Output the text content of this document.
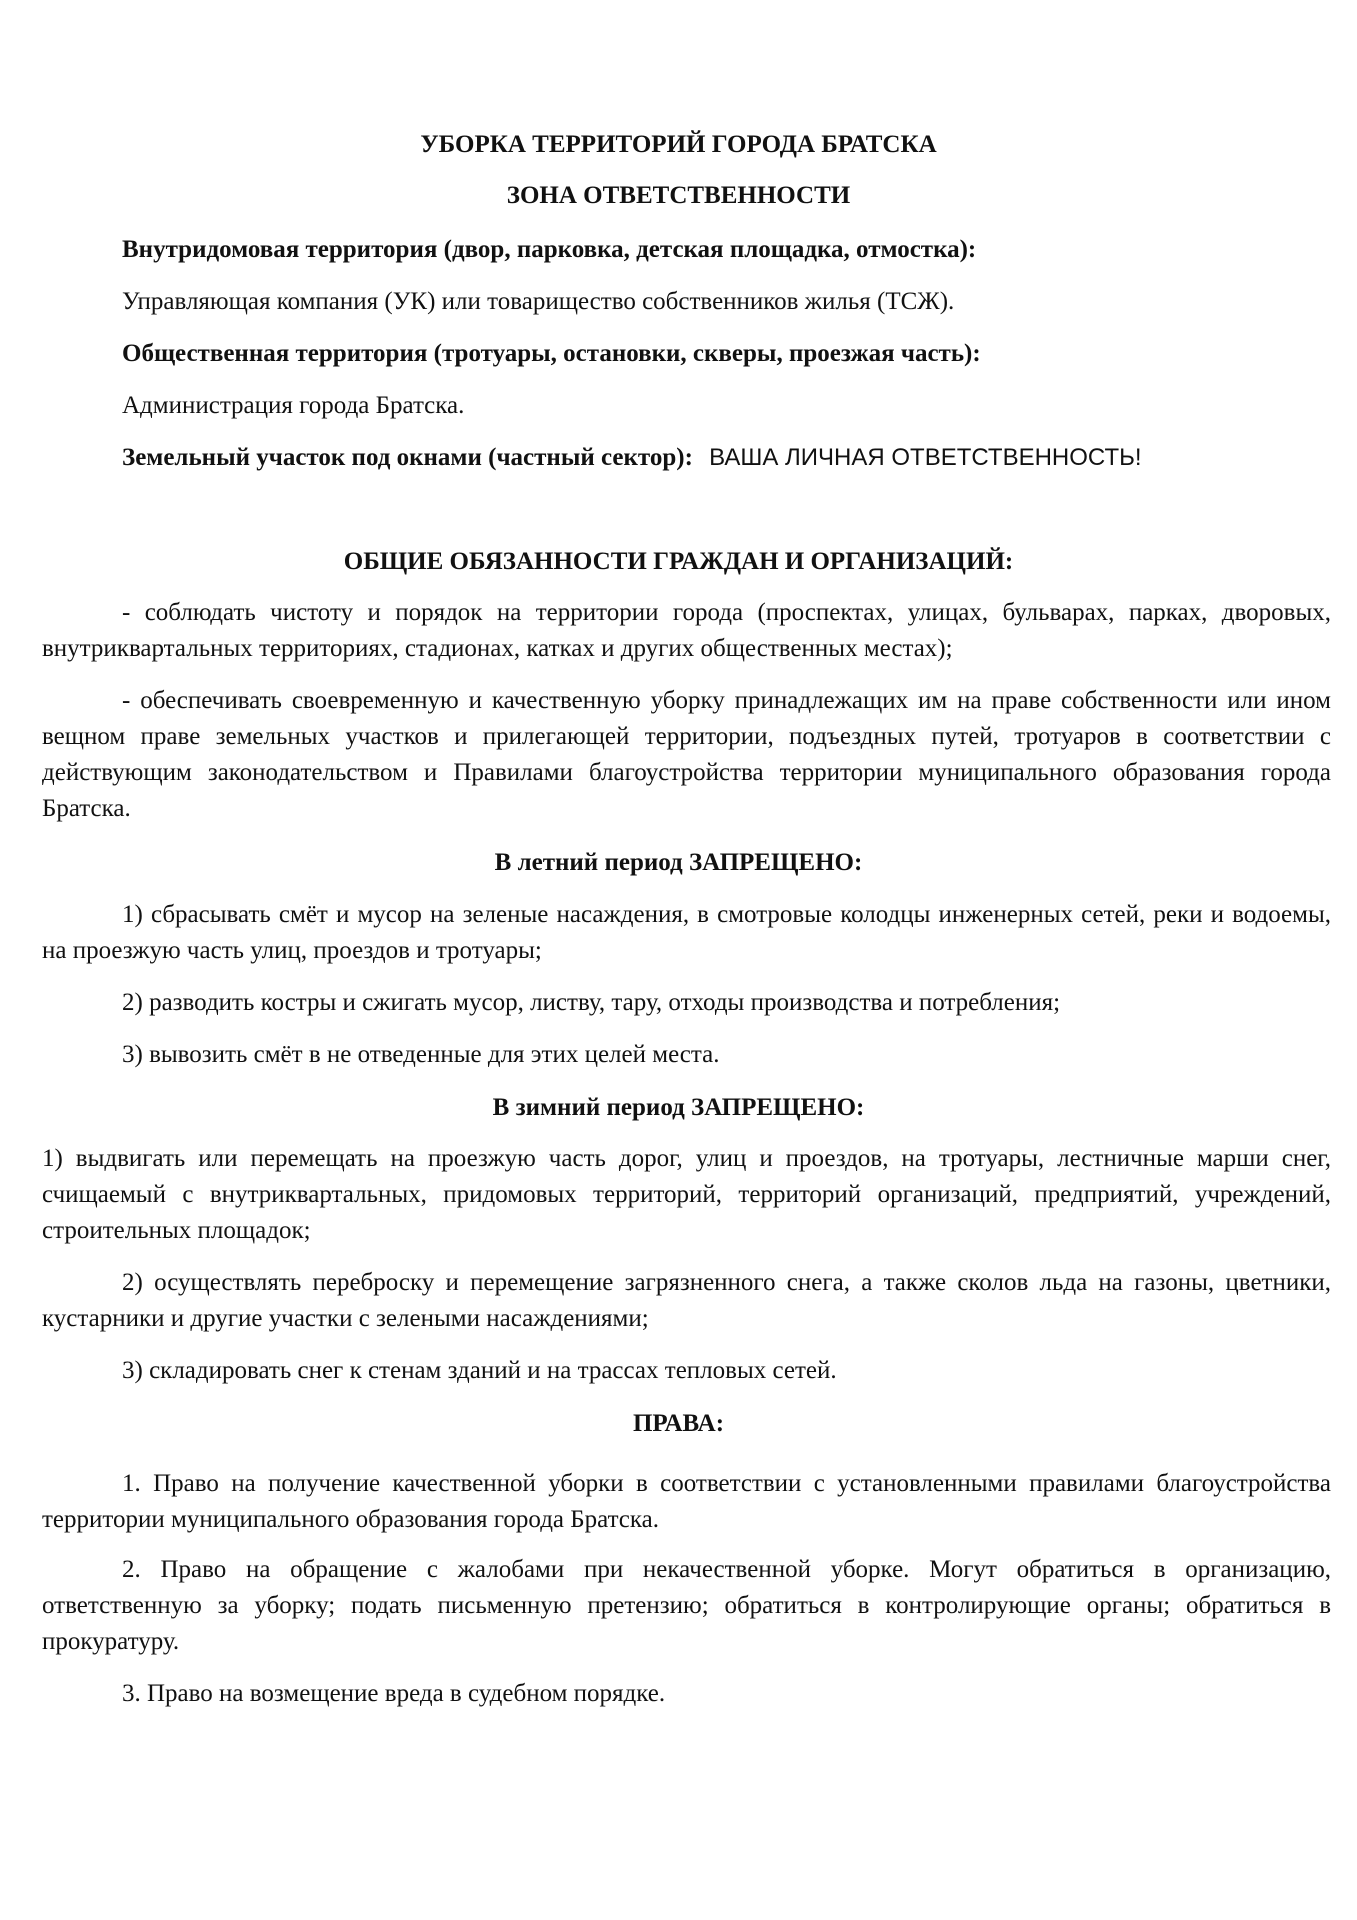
УБОРКА ТЕРРИТОРИЙ ГОРОДА БРАТСКА
ЗОНА ОТВЕТСТВЕННОСТИ
Внутридомовая территория (двор, парковка, детская площадка, отмостка):
Управляющая компания (УК) или товарищество собственников жилья (ТСЖ).
Общественная территория (тротуары, остановки, скверы, проезжая часть):
Администрация города Братска.
Земельный участок под окнами (частный сектор): ВАША ЛИЧНАЯ ОТВЕТСТВЕННОСТЬ!
ОБЩИЕ ОБЯЗАННОСТИ ГРАЖДАН И ОРГАНИЗАЦИЙ:
- соблюдать чистоту и порядок на территории города (проспектах, улицах, бульварах, парках, дворовых, внутриквартальных территориях, стадионах, катках и других общественных местах);
- обеспечивать своевременную и качественную уборку принадлежащих им на праве собственности или ином вещном праве земельных участков и прилегающей территории, подъездных путей, тротуаров в соответствии с действующим законодательством и Правилами благоустройства территории муниципального образования города Братска.
В летний период ЗАПРЕЩЕНО:
1) сбрасывать смёт и мусор на зеленые насаждения, в смотровые колодцы инженерных сетей, реки и водоемы, на проезжую часть улиц, проездов и тротуары;
2) разводить костры и сжигать мусор, листву, тару, отходы производства и потребления;
3) вывозить смёт в не отведенные для этих целей места.
В зимний период ЗАПРЕЩЕНО:
1) выдвигать или перемещать на проезжую часть дорог, улиц и проездов, на тротуары, лестничные марши снег, счищаемый с внутриквартальных, придомовых территорий, территорий организаций, предприятий, учреждений, строительных площадок;
2) осуществлять переброску и перемещение загрязненного снега, а также сколов льда на газоны, цветники, кустарники и другие участки с зелеными насаждениями;
3) складировать снег к стенам зданий и на трассах тепловых сетей.
ПРАВА:
1. Право на получение качественной уборки в соответствии с установленными правилами благоустройства территории муниципального образования города Братска.
2. Право на обращение с жалобами при некачественной уборке. Могут обратиться в организацию, ответственную за уборку; подать письменную претензию; обратиться в контролирующие органы; обратиться в прокуратуру.
3. Право на возмещение вреда в судебном порядке.
